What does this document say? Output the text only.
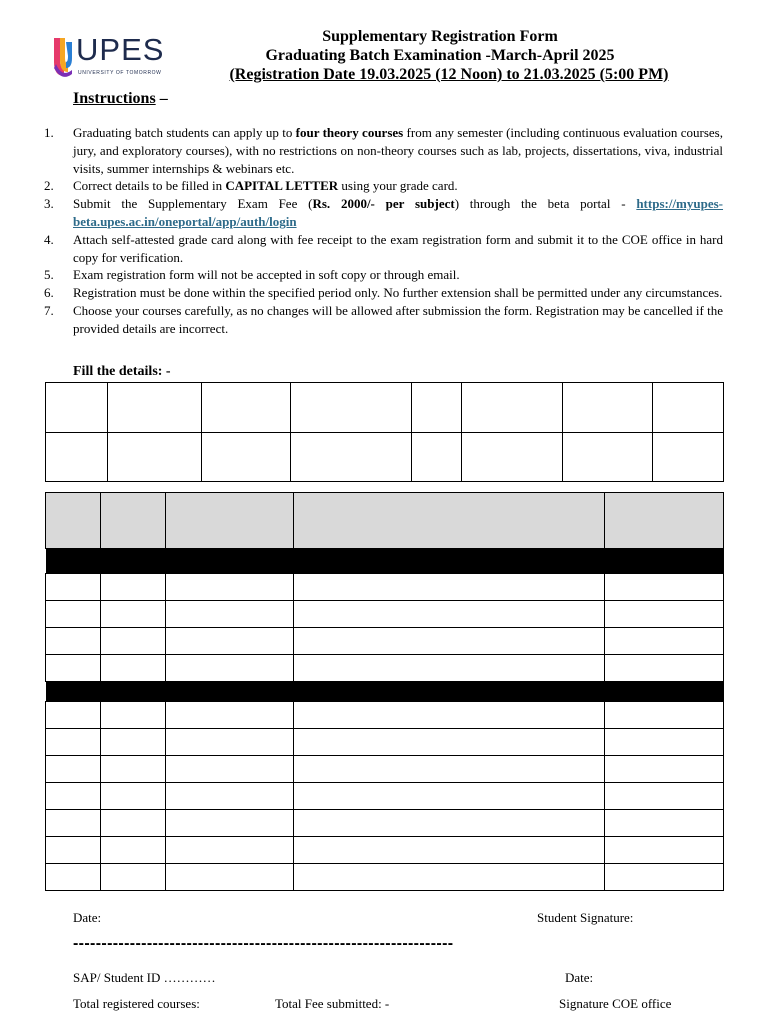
UPES
UNIVERSITY OF TOMORROW
Supplementary Registration Form
Graduating Batch Examination -March-April 2025
(Registration Date 19.03.2025 (12 Noon) to 21.03.2025 (5:00 PM)
Instructions –
1. Graduating batch students can apply up to four theory courses from any semester (including continuous evaluation courses, jury, and exploratory courses), with no restrictions on non-theory courses such as lab, projects, dissertations, viva, industrial visits, summer internships & webinars etc.
2. Correct details to be filled in CAPITAL LETTER using your grade card.
3. Submit the Supplementary Exam Fee (Rs. 2000/- per subject) through the beta portal - https://myupes-beta.upes.ac.in/oneportal/app/auth/login
4. Attach self-attested grade card along with fee receipt to the exam registration form and submit it to the COE office in hard copy for verification.
5. Exam registration form will not be accepted in soft copy or through email.
6. Registration must be done within the specified period only. No further extension shall be permitted under any circumstances.
7. Choose your courses carefully, as no changes will be allowed after submission the form. Registration may be cancelled if the provided details are incorrect.
Fill the details: -

Date:	Student Signature:
-------------------------------------------------------------------
SAP/ Student ID …………	Date:
Total registered courses:	Total Fee submitted: -	Signature COE office
